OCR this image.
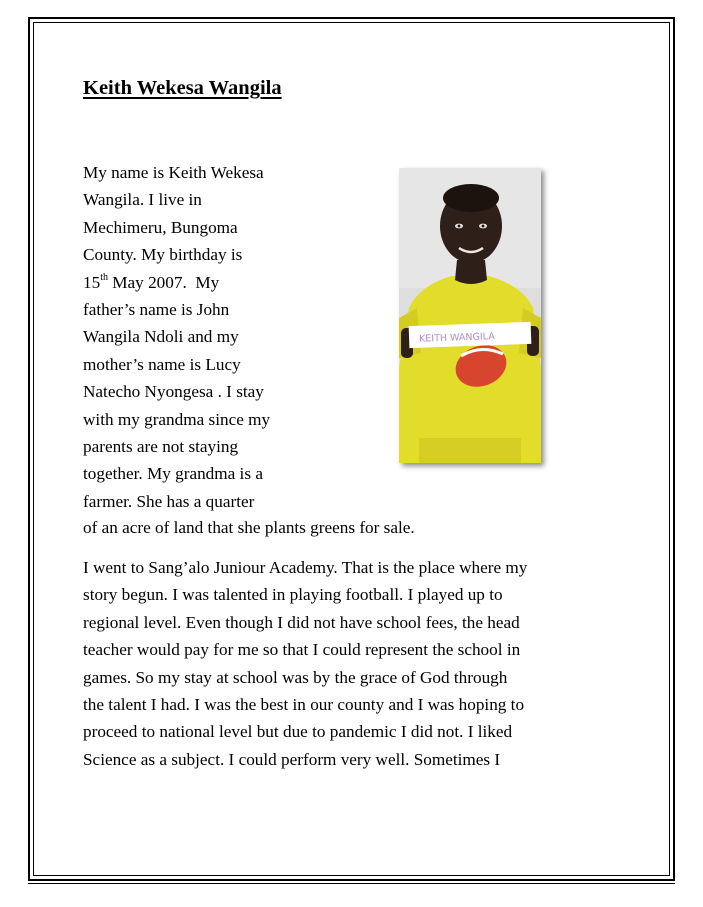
Keith Wekesa Wangila
My name is Keith Wekesa
Wangila. I live in
Mechimeru, Bungoma
County. My birthday is
15th May 2007.  My
father’s name is John
Wangila Ndoli and my
mother’s name is Lucy
Natecho Nyongesa . I stay
with my grandma since my
parents are not staying
together. My grandma is a
farmer. She has a quarter
of an acre of land that she plants greens for sale.
I went to Sang’alo Juniour Academy. That is the place where my
story begun. I was talented in playing football. I played up to
regional level. Even though I did not have school fees, the head
teacher would pay for me so that I could represent the school in
games. So my stay at school was by the grace of God through
the talent I had. I was the best in our county and I was hoping to
proceed to national level but due to pandemic I did not. I liked
Science as a subject. I could perform very well. Sometimes I
KEITH WANGILA
